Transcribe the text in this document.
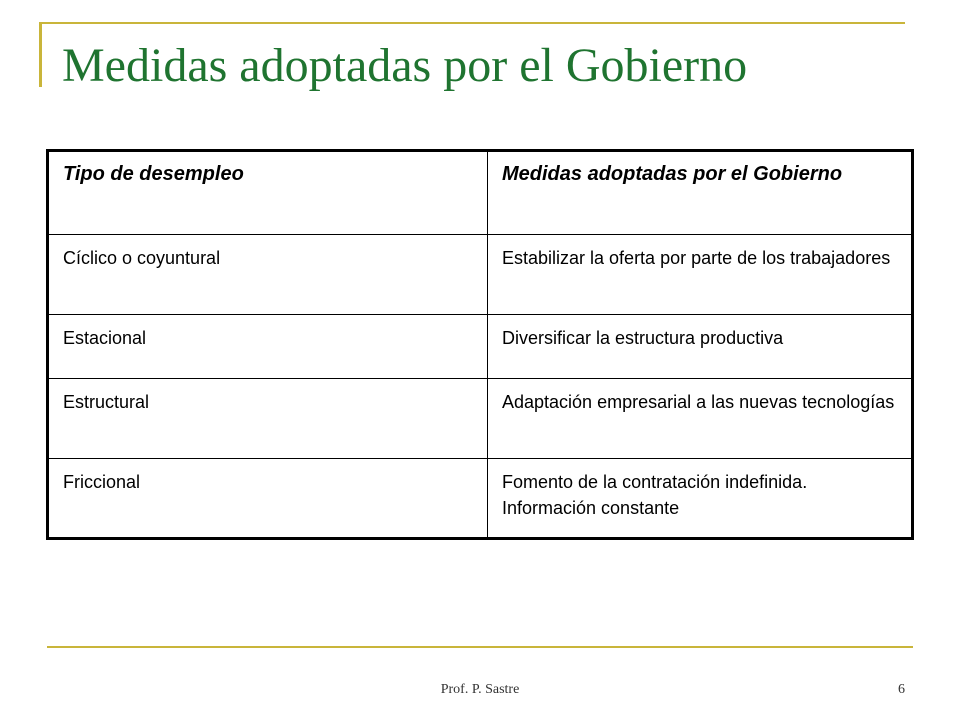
Medidas adoptadas por el Gobierno
Tipo de desempleo	Medidas adoptadas por el Gobierno
Cíclico o coyuntural	Estabilizar la oferta por parte de los trabajadores
Estacional	Diversificar la estructura productiva
Estructural	Adaptación empresarial a las nuevas tecnologías
Friccional	Fomento de la contratación indefinida. Información constante
Prof. P. Sastre	6
